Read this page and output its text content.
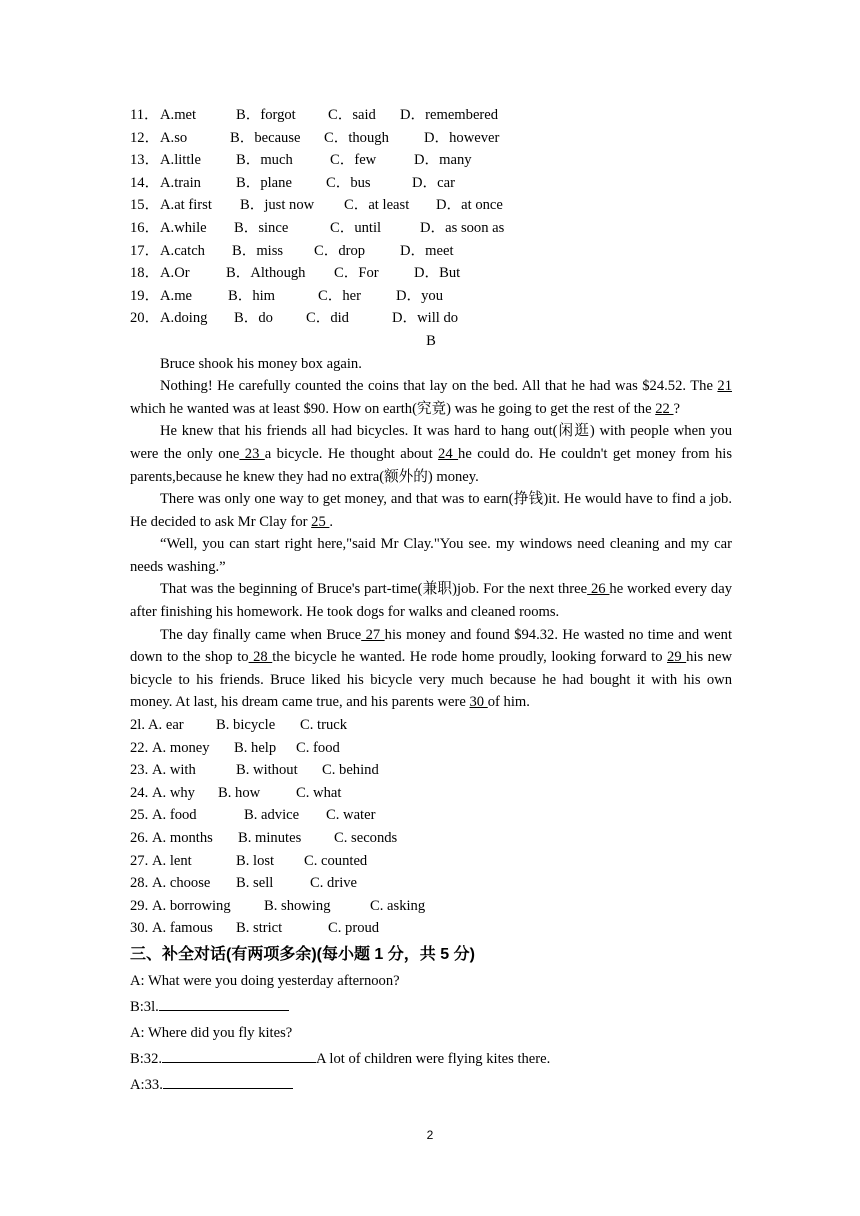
11． A.met	B．forgot C．said D．remembered
12． A.so	B．because C．though D．however
13． A.little B．much	C．few	D．many
14． A.train B．plane C．bus	D．car
15． A.at first B．just now C．at least D．at once
16． A.while B．since	C．until	D．as soon as
17． A.catch B．miss C．drop D．meet
18． A.Or B．Although C．For D．But
19． A.me B．him	C．her D．you
20． A.doing B．do C．did	D．will do
B
Bruce shook his money box again.
Nothing! He carefully counted the coins that lay on the bed. All that he had was $24.52. The 21 which he wanted was at least $90. How on earth(究竟) was he going to get the rest of the 22 ?
He knew that his friends all had bicycles. It was hard to hang out(闲逛) with people when you were the only one 23 a bicycle. He thought about 24 he could do. He couldn't get money from his parents,because he knew they had no extra(额外的) money.
There was only one way to get money, and that was to earn(挣钱)it. He would have to find a job. He decided to ask Mr Clay for 25 .
“Well, you can start right here,"said Mr Clay."You see. my windows need cleaning and my car needs washing.”
That was the beginning of Bruce's part-time(兼职)job. For the next three 26 he worked every day after finishing his homework. He took dogs for walks and cleaned rooms.
The day finally came when Bruce 27 his money and found $94.32. He wasted no time and went down to the shop to 28 the bicycle he wanted. He rode home proudly, looking forward to 29 his new bicycle to his friends. Bruce liked his bicycle very much because he had bought it with his own money. At last, his dream came true, and his parents were 30 of him.
2l. A. ear B. bicycle C. truck
22. A. money B. help C. food
23. A. with	B. without C. behind
24. A. why B. how C. what
25. A. food	B. advice C. water
26. A. months B. minutes C. seconds
27. A. lent	B. lost C. counted
28. A. choose B. sell	C. drive
29. A. borrowing B. showing	C. asking
30. A. famous B. strict	C. proud
三、补全对话(有两项多余)(每小题 1 分，共 5 分)
A: What were you doing yesterday afternoon?
B:3l.
A: Where did you fly kites?
B:32.	A lot of children were flying kites there.
A:33.
2
